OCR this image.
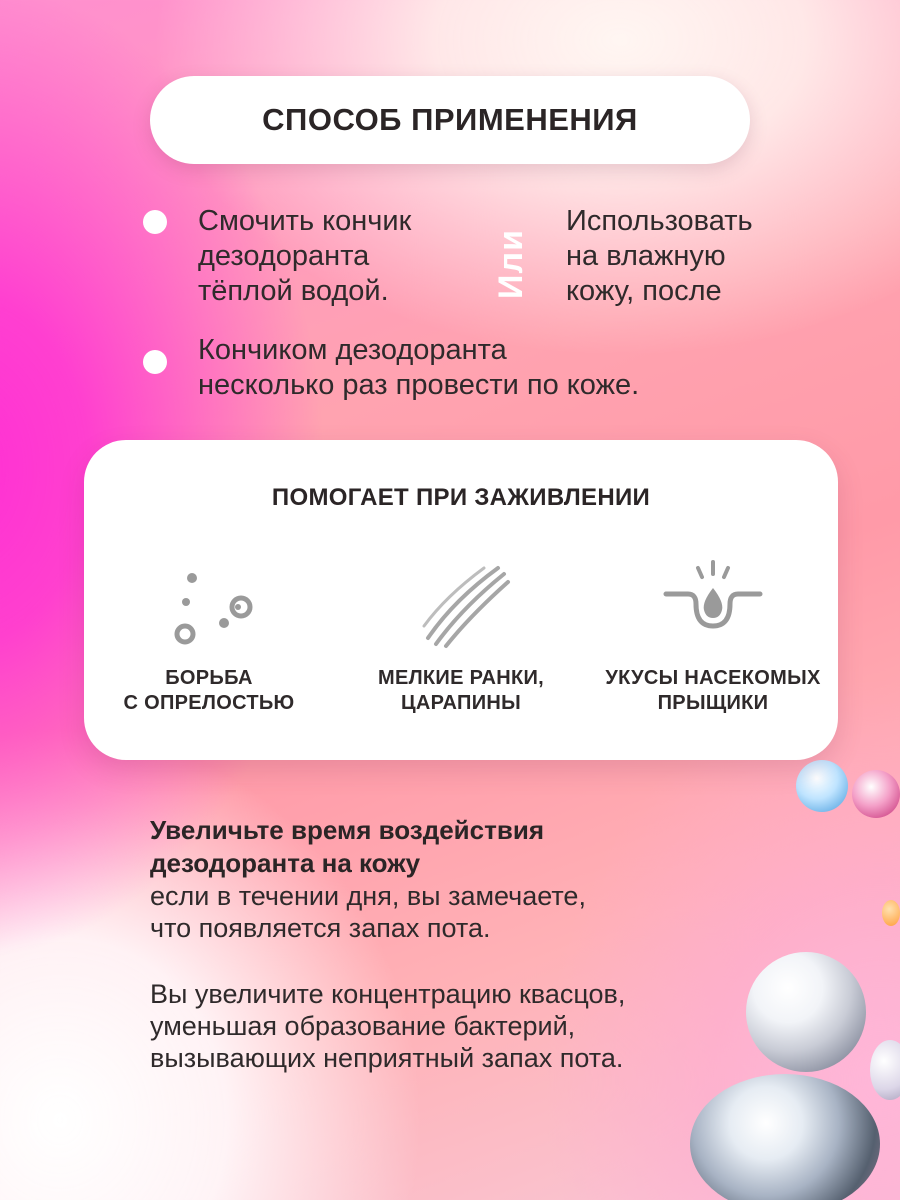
СПОСОБ ПРИМЕНЕНИЯ
Смочить кончик
дезодоранта
тёплой водой.	Или
Использовать
на влажную
кожу, после
Кончиком дезодоранта
несколько раз провести по коже.
ПОМОГАЕТ ПРИ ЗАЖИВЛЕНИИ
БОРЬБА
С ОПРЕЛОСТЬЮ
МЕЛКИЕ РАНКИ,
ЦАРАПИНЫ
УКУСЫ НАСЕКОМЫХ
ПРЫЩИКИ
Увеличьте время воздействия
дезодоранта на кожу
если в течении дня, вы замечаете,
что появляется запах пота.
Вы увеличите концентрацию квасцов,
уменьшая образование бактерий,
вызывающих неприятный запах пота.
